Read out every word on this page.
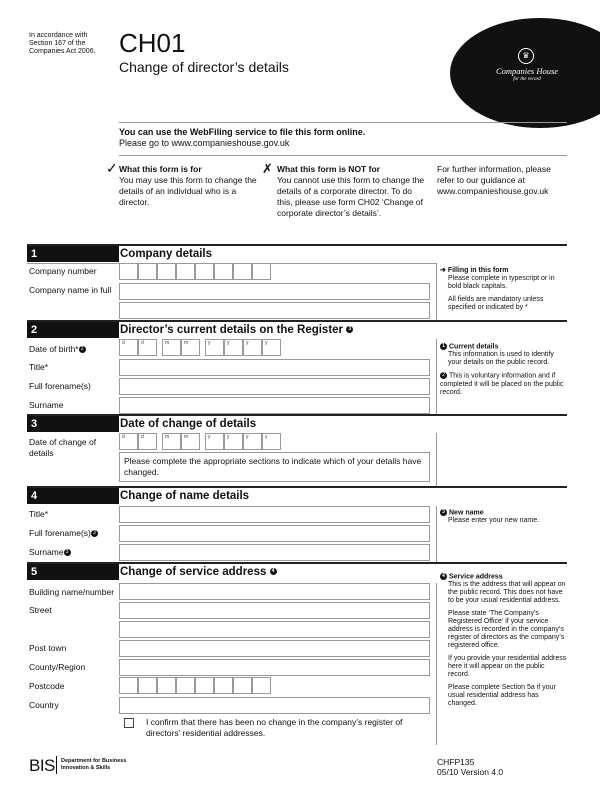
In accordance with Section 167 of the Companies Act 2006. CH01
Change of director’s details
♛
Companies House
for the record
You can use the WebFiling service to file this form online.
Please go to www.companieshouse.gov.uk
✓ What this form is for
You may use this form to change the details of an individual who is a director.
✗ What this form is NOT for
You cannot use this form to change the details of a corporate director. To do this, please use form CH02 ‘Change of corporate director’s details’.
For further information, please refer to our guidance at www.companieshouse.gov.uk
1	Company details
Company number
Company name in full
➔ Filling in this form
Please complete in typescript or in bold black capitals.
All fields are mandatory unless specified or indicated by *
2	Director’s current details on the Register 3
Date of birth* 2
d	d	m	m	y	y	y	y
Title*
Full forename(s)
Surname
1 Current details
This information is used to identify your details on the public record.
2 This is voluntary information and if completed it will be placed on the public record.
3	Date of change of details
Date of change of details
d	d	m	m	y	y	y	y
Please complete the appropriate sections to indicate which of your details have changed.
4	Change of name details
Title*
Full forename(s) 3
Surname 3
3 New name
Please enter your new name.
5	Change of service address 4
Building name/number
Street
Post town
County/Region
Postcode
Country
I confirm that there has been no change in the company’s register of directors’ residential addresses.
4 Service address
This is the address that will appear on the public record. This does not have to be your usual residential address.
Please state ‘The Company’s Registered Office’ if your service address is recorded in the company’s register of directors as the company’s registered office.
If you provide your residential address here it will appear on the public record.
Please complete Section 5a if your usual residential address has changed.
BIS Department for Business
Innovation & Skills
CHFP135
05/10 Version 4.0
